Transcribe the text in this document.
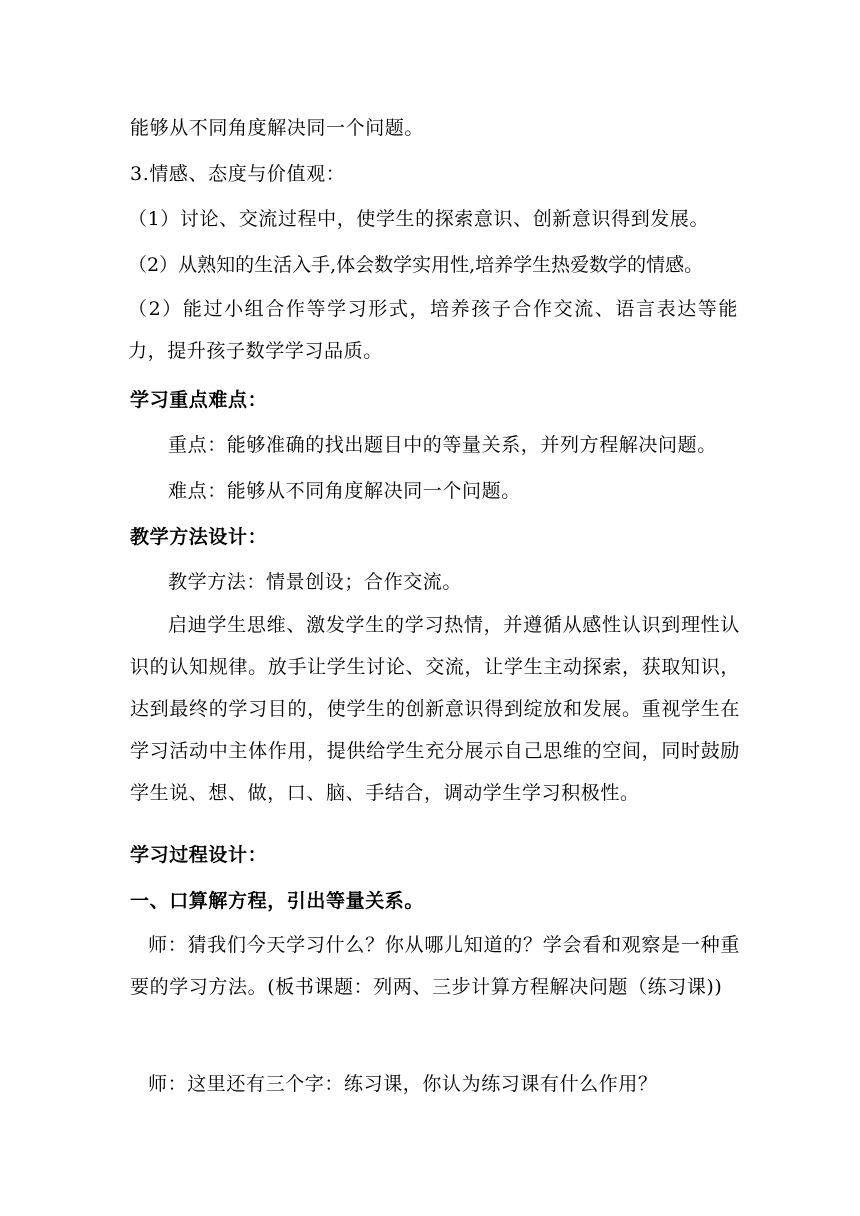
能够从不同角度解决同一个问题。
3.情感、态度与价值观：
（1）讨论、交流过程中，使学生的探索意识、创新意识得到发展。
（2）从熟知的生活入手,体会数学实用性,培养学生热爱数学的情感。
（2）能过小组合作等学习形式，培养孩子合作交流、语言表达等能力，提升孩子数学学习品质。
学习重点难点：
重点：能够准确的找出题目中的等量关系，并列方程解决问题。
难点：能够从不同角度解决同一个问题。
教学方法设计：
教学方法：情景创设；合作交流。
启迪学生思维、激发学生的学习热情，并遵循从感性认识到理性认识的认知规律。放手让学生讨论、交流，让学生主动探索，获取知识，达到最终的学习目的，使学生的创新意识得到绽放和发展。重视学生在学习活动中主体作用，提供给学生充分展示自己思维的空间，同时鼓励学生说、想、做，口、脑、手结合，调动学生学习积极性。
学习过程设计：
一、口算解方程，引出等量关系。
师：猜我们今天学习什么？你从哪儿知道的？学会看和观察是一种重要的学习方法。(板书课题：列两、三步计算方程解决问题（练习课))
师：这里还有三个字：练习课，你认为练习课有什么作用？
